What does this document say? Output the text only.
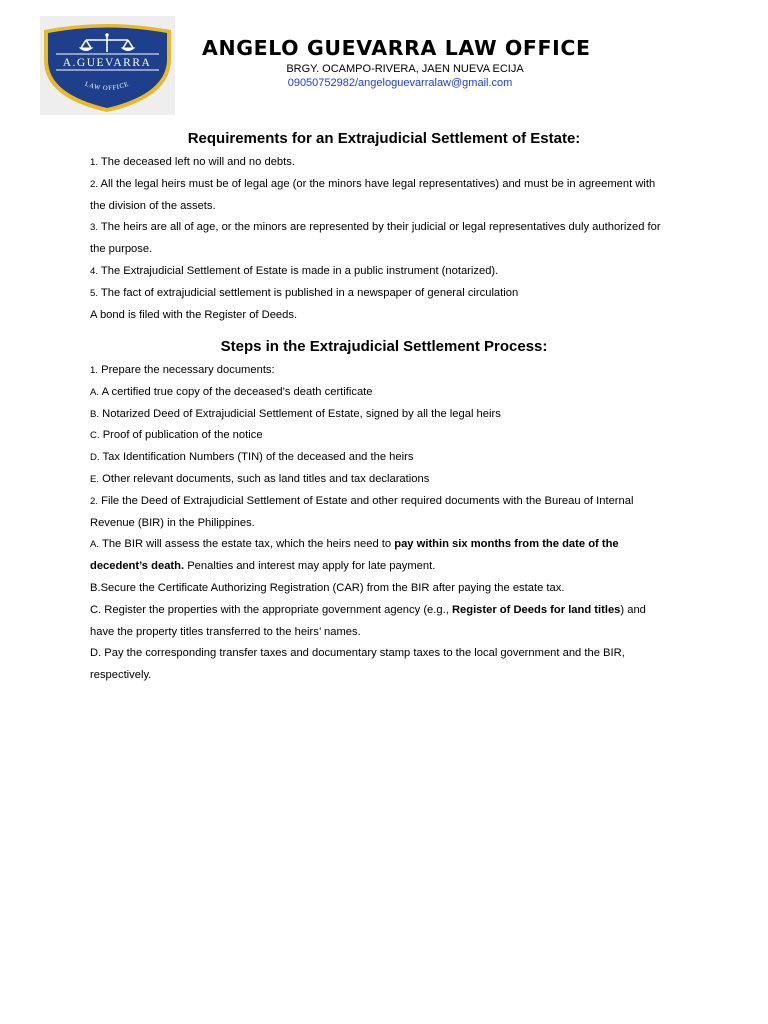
A.GUEVARRA
LAW OFFICE
ANGELO GUEVARRA LAW OFFICE
BRGY. OCAMPO-RIVERA, JAEN NUEVA ECIJA
09050752982/angeloguevarralaw@gmail.com
Requirements for an Extrajudicial Settlement of Estate:

1. The deceased left no will and no debts.

2. All the legal heirs must be of legal age (or the minors have legal representatives) and must be in agreement with the division of the assets.

3. The heirs are all of age, or the minors are represented by their judicial or legal representatives duly authorized for the purpose.

4. The Extrajudicial Settlement of Estate is made in a public instrument (notarized).

5. The fact of extrajudicial settlement is published in a newspaper of general circulation

A bond is filed with the Register of Deeds.

Steps in the Extrajudicial Settlement Process:

1. Prepare the necessary documents:

A. A certified true copy of the deceased’s death certificate

B. Notarized Deed of Extrajudicial Settlement of Estate, signed by all the legal heirs

C. Proof of publication of the notice

D. Tax Identification Numbers (TIN) of the deceased and the heirs

E. Other relevant documents, such as land titles and tax declarations

2. File the Deed of Extrajudicial Settlement of Estate and other required documents with the Bureau of Internal Revenue (BIR) in the Philippines.

A. The BIR will assess the estate tax, which the heirs need to pay within six months from the date of the decedent’s death. Penalties and interest may apply for late payment.

B.Secure the Certificate Authorizing Registration (CAR) from the BIR after paying the estate tax.

C. Register the properties with the appropriate government agency (e.g., Register of Deeds for land titles) and have the property titles transferred to the heirs’ names.

D. Pay the corresponding transfer taxes and documentary stamp taxes to the local government and the BIR, respectively.
